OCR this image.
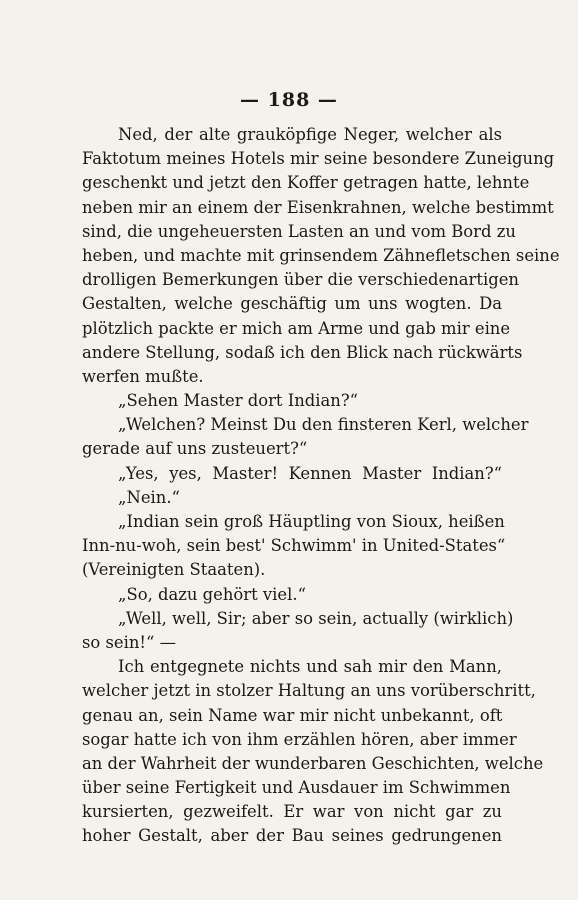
— 188 —
Ned, der alte grauköpfige Neger, welcher als
Faktotum meines Hotels mir seine besondere Zuneigung
geschenkt und jetzt den Koffer getragen hatte, lehnte
neben mir an einem der Eisenkrahnen, welche bestimmt
sind, die ungeheuersten Lasten an und vom Bord zu
heben, und machte mit grinsendem Zähnefletschen seine
drolligen Bemerkungen über die verschiedenartigen
Gestalten, welche geschäftig um uns wogten. Da
plötzlich packte er mich am Arme und gab mir eine
andere Stellung, sodaß ich den Blick nach rückwärts
werfen mußte.
„Sehen Master dort Indian?“
„Welchen? Meinst Du den finsteren Kerl, welcher
gerade auf uns zusteuert?“
„Yes, yes, Master! Kennen Master Indian?“
„Nein.“
„Indian sein groß Häuptling von Sioux, heißen
Inn-nu-woh, sein best' Schwimm' in United-States“
(Vereinigten Staaten).
„So, dazu gehört viel.“
„Well, well, Sir; aber so sein, actually (wirklich)
so sein!“ —
Ich entgegnete nichts und sah mir den Mann,
welcher jetzt in stolzer Haltung an uns vorüberschritt,
genau an, sein Name war mir nicht unbekannt, oft
sogar hatte ich von ihm erzählen hören, aber immer
an der Wahrheit der wunderbaren Geschichten, welche
über seine Fertigkeit und Ausdauer im Schwimmen
kursierten, gezweifelt. Er war von nicht gar zu
hoher Gestalt, aber der Bau seines gedrungenen
